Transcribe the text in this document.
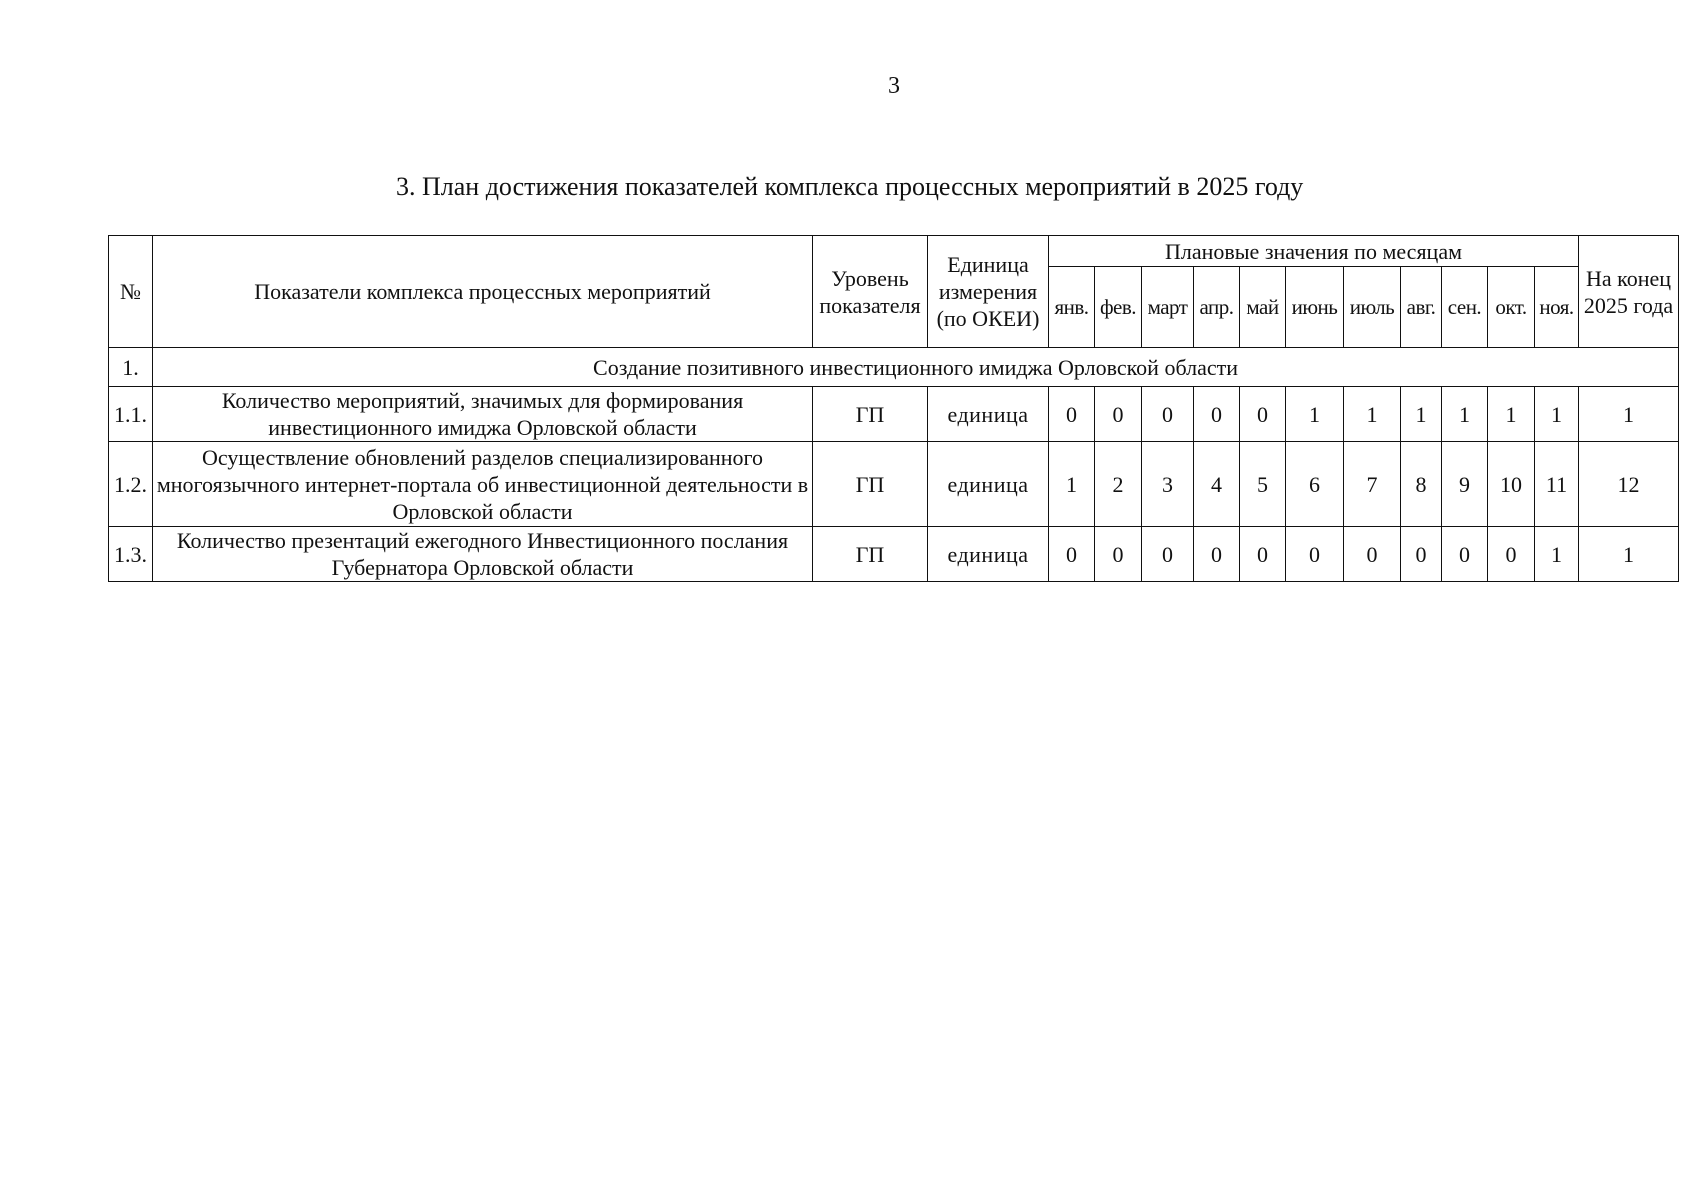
3
3. План достижения показателей комплекса процессных мероприятий в 2025 году
№	Показатели комплекса процессных мероприятий	Уровень показателя	Единица измерения (по ОКЕИ)	Плановые значения по месяцам											На конец 2025 года
				янв.	фев.	март	апр.	май	июнь	июль	авг.	сен.	окт.	ноя.	
1.	Создание позитивного инвестиционного имиджа Орловской области														
1.1.	Количество мероприятий, значимых для формирования инвестиционного имиджа Орловской области	ГП	единица	0	0	0	0	0	1	1	1	1	1	1	1
1.2.	Осуществление обновлений разделов специализированного многоязычного интернет-портала об инвестиционной деятельности в Орловской области	ГП	единица	1	2	3	4	5	6	7	8	9	10	11	12
1.3.	Количество презентаций ежегодного Инвестиционного послания Губернатора Орловской области	ГП	единица	0	0	0	0	0	0	0	0	0	0	1	1
